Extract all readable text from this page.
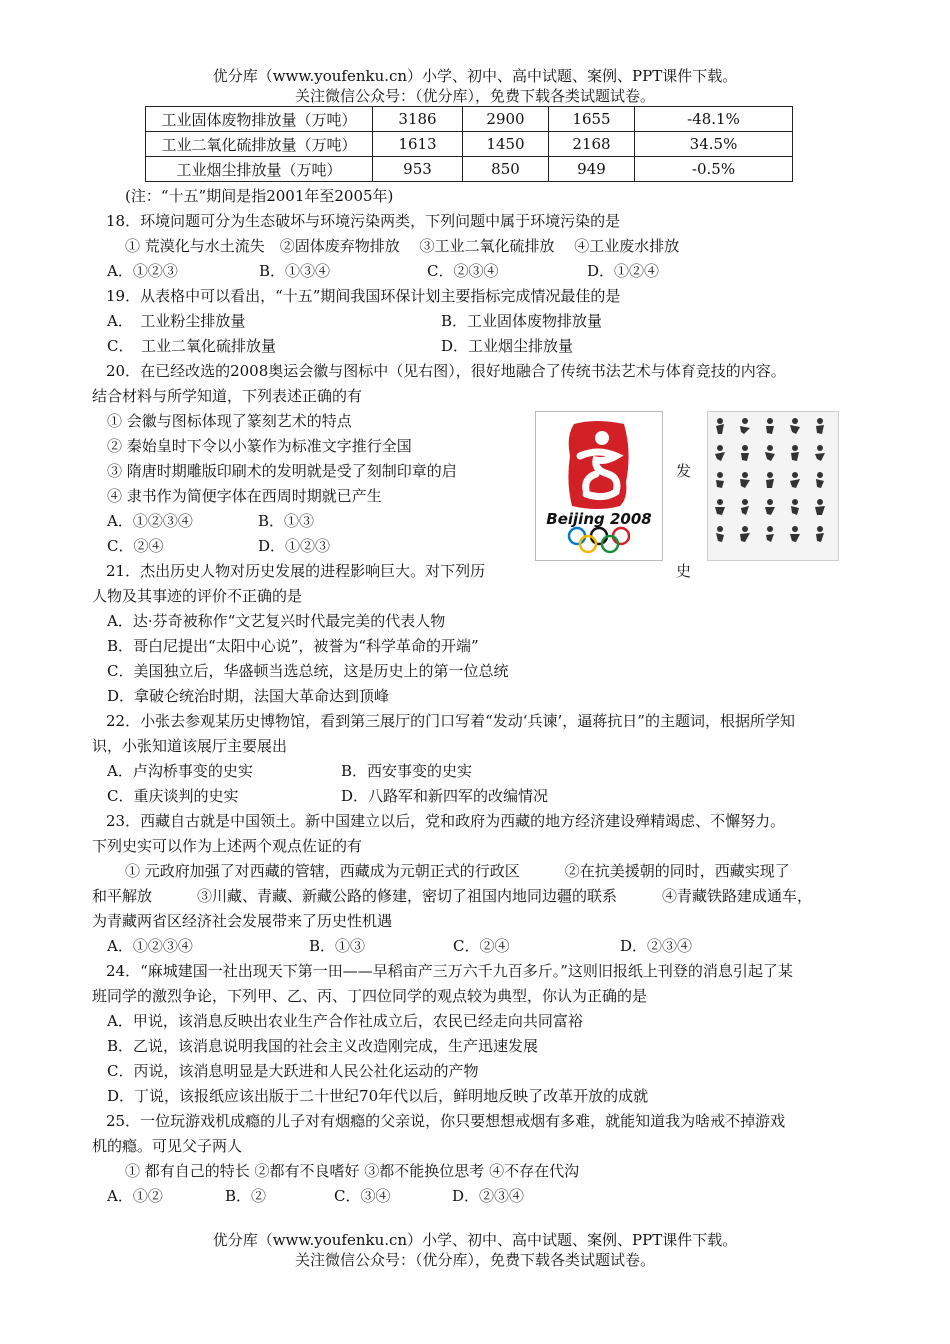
优分库（www.youfenku.cn）小学、初中、高中试题、案例、PPT课件下载。
关注微信公众号：（优分库），免费下载各类试题试卷。
工业固体废物排放量（万吨）	3186	2900	1655	-48.1%
工业二氧化硫排放量（万吨）	1613	1450	2168	34.5%
工业烟尘排放量（万吨）	953	850	949	-0.5%
(注：“十五”期间是指2001年至2005年)
18．环境问题可分为生态破坏与环境污染两类，下列问题中属于环境污染的是
① 荒漠化与水土流失　②固体废弃物排放　 ③工业二氧化硫排放　 ④工业废水排放
A．①②③	B．①③④	C．②③④	D．①②④
19．从表格中可以看出，“十五”期间我国环保计划主要指标完成情况最佳的是
A．　工业粉尘排放量	B．工业固体废物排放量
C．　工业二氧化硫排放量	D．工业烟尘排放量
20．在已经改选的2008奥运会徽与图标中（见右图），很好地融合了传统书法艺术与体育竞技的内容。
结合材料与所学知道，下列表述正确的有
① 会徽与图标体现了篆刻艺术的特点
② 秦始皇时下令以小篆作为标准文字推行全国
③ 隋唐时期雕版印刷术的发明就是受了刻制印章的启	发
④ 隶书作为简便字体在西周时期就已产生
A．①②③④	B．①③
C．②④	D．①②③
Beijing 2008
21．杰出历史人物对历史发展的进程影响巨大。对下列历	史
人物及其事迹的评价不正确的是
A．达·芬奇被称作“文艺复兴时代最完美的代表人物
B．哥白尼提出“太阳中心说”，被誉为“科学革命的开端”
C．美国独立后，华盛顿当选总统，这是历史上的第一位总统
D．拿破仑统治时期，法国大革命达到顶峰
22．小张去参观某历史博物馆，看到第三展厅的门口写着“发动‘兵谏’，逼蒋抗日”的主题词，根据所学知
识，小张知道该展厅主要展出
A．卢沟桥事变的史实	B．西安事变的史实
C．重庆谈判的史实	D．八路军和新四军的改编情况
23．西藏自古就是中国领土。新中国建立以后，党和政府为西藏的地方经济建设殚精竭虑、不懈努力。
下列史实可以作为上述两个观点佐证的有
① 元政府加强了对西藏的管辖，西藏成为元朝正式的行政区　　　②在抗美援朝的同时，西藏实现了
和平解放　　　③川藏、青藏、新藏公路的修建，密切了祖国内地同边疆的联系　　　④青藏铁路建成通车，
为青藏两省区经济社会发展带来了历史性机遇
A．①②③④	B．①③	C．②④	D．②③④
24．“麻城建国一社出现天下第一田——早稻亩产三万六千九百多斤。”这则旧报纸上刊登的消息引起了某
班同学的激烈争论，下列甲、乙、丙、丁四位同学的观点较为典型，你认为正确的是
A．甲说，该消息反映出农业生产合作社成立后，农民已经走向共同富裕
B．乙说，该消息说明我国的社会主义改造刚完成，生产迅速发展
C．丙说，该消息明显是大跃进和人民公社化运动的产物
D．丁说，该报纸应该出版于二十世纪70年代以后，鲜明地反映了改革开放的成就
25．一位玩游戏机成瘾的儿子对有烟瘾的父亲说，你只要想想戒烟有多难，就能知道我为啥戒不掉游戏
机的瘾。可见父子两人
① 都有自己的特长 ②都有不良嗜好 ③都不能换位思考 ④不存在代沟
A．①②	B．②	C．③④	D．②③④
优分库（www.youfenku.cn）小学、初中、高中试题、案例、PPT课件下载。
关注微信公众号：（优分库），免费下载各类试题试卷。
